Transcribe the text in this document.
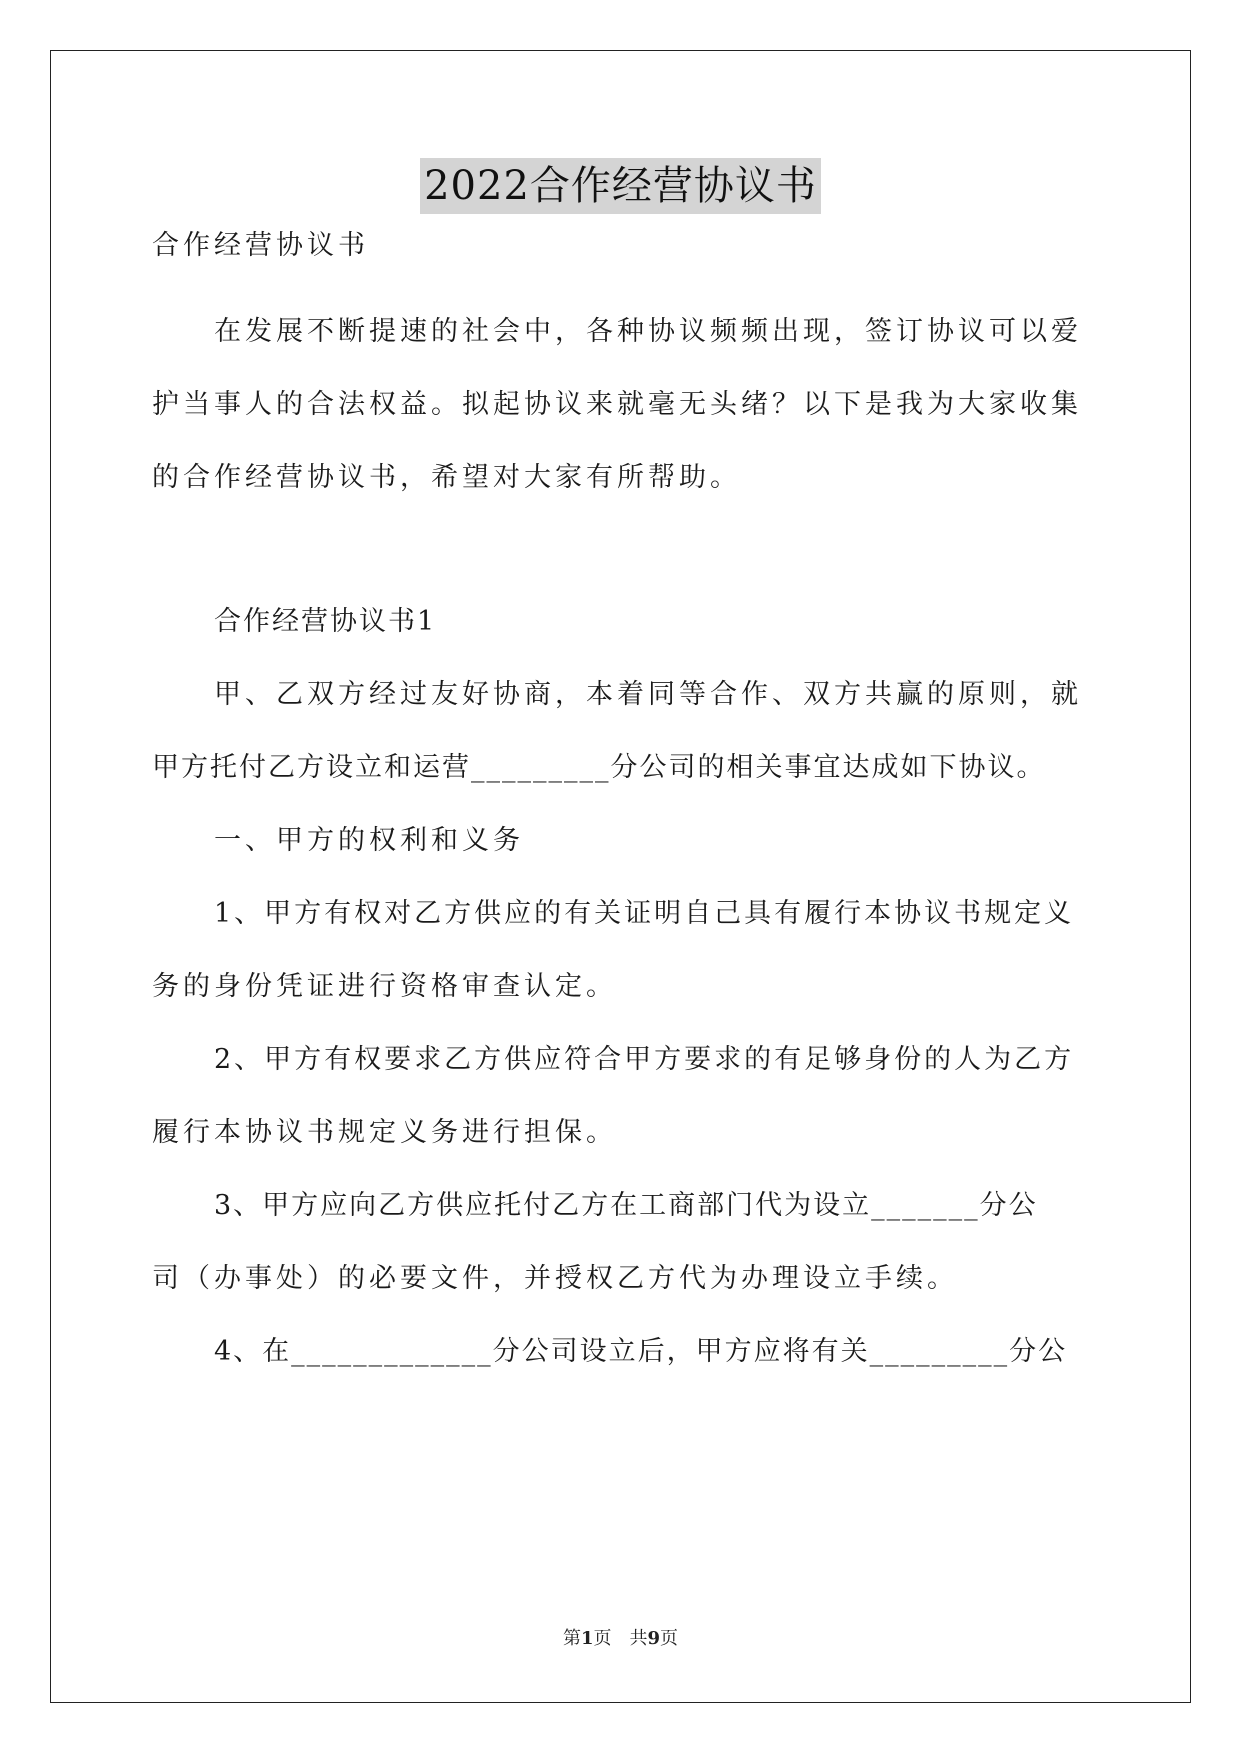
2022合作经营协议书

合作经营协议书

在发展不断提速的社会中，各种协议频频出现，签订协议可以爱

护当事人的合法权益。拟起协议来就毫无头绪？以下是我为大家收集

的合作经营协议书，希望对大家有所帮助。

合作经营协议书1

甲、乙双方经过友好协商，本着同等合作、双方共赢的原则，就

甲方托付乙方设立和运营_________分公司的相关事宜达成如下协议。

一、甲方的权利和义务

1、甲方有权对乙方供应的有关证明自己具有履行本协议书规定义

务的身份凭证进行资格审查认定。

2、甲方有权要求乙方供应符合甲方要求的有足够身份的人为乙方

履行本协议书规定义务进行担保。

3、甲方应向乙方供应托付乙方在工商部门代为设立_______分公

司（办事处）的必要文件，并授权乙方代为办理设立手续。

4、在_____________分公司设立后，甲方应将有关_________分公

第1页　共9页
